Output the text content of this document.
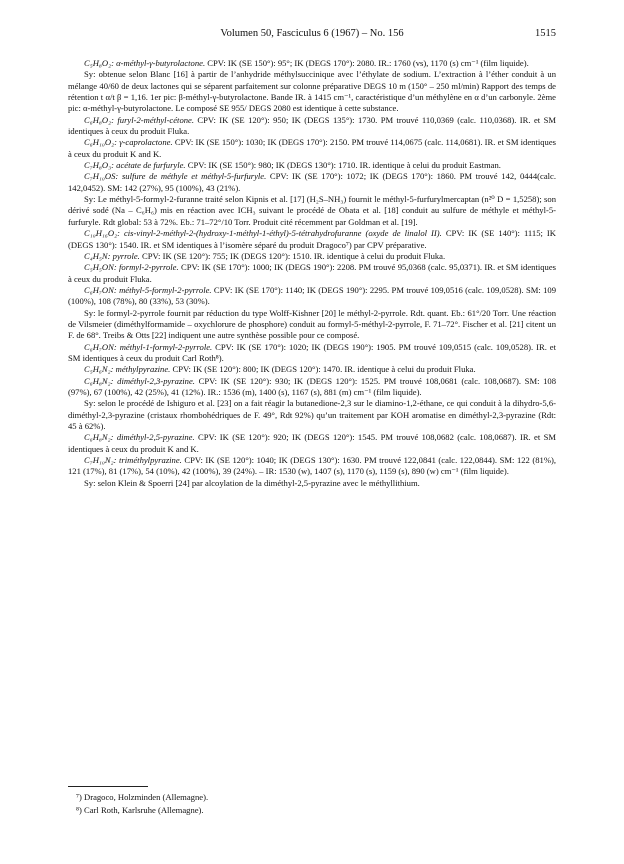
Volumen 50, Fasciculus 6 (1967) – No. 156	1515

C₅H₈O₂: α-méthyl-γ-butyrolactone. CPV: IK (SE 150°): 95°; IK (DEGS 170°): 2080. IR.: 1760 (vs), 1170 (s) cm⁻¹ (film liquide).

Sy: obtenue selon Blanc [16] à partir de l’anhydride méthylsuccinique avec l’éthylate de sodium. L’extraction à l’éther conduit à un mélange 40/60 de deux lactones qui se séparent parfaitement sur colonne préparative DEGS 10 m (150° – 250 ml/min) Rapport des temps de rétention t α/t β = 1,16. 1er pic: β-méthyl-γ-butyrolactone. Bande IR. à 1415 cm⁻¹, caractéristique d’un méthylène en α d’un carbonyle. 2ème pic: α-méthyl-γ-butyrolactone. Le composé SE 955/ DEGS 2080 est identique à cette substance.

C₆H₈O₂: furyl-2-méthyl-cétone. CPV: IK (SE 120°): 950; IK (DEGS 135°): 1730. PM trouvé 110,0369 (calc. 110,0368). IR. et SM identiques à ceux du produit Fluka.

C₆H₁₀O₂: γ-caprolactone. CPV: IK (SE 150°): 1030; IK (DEGS 170°): 2150. PM trouvé 114,0675 (calc. 114,0681). IR. et SM identiques à ceux du produit K and K.

C₇H₈O₃: acétate de furfuryle. CPV: IK (SE 150°): 980; IK (DEGS 130°): 1710. IR. identique à celui du produit Eastman.

C₇H₁₀OS: sulfure de méthyle et méthyl-5-furfuryle. CPV: IK (SE 170°): 1072; IK (DEGS 170°): 1860. PM trouvé 142, 0444(calc. 142,0452). SM: 142 (27%), 95 (100%), 43 (21%).

Sy: Le méthyl-5-formyl-2-furanne traité selon Kipnis et al. [17] (H₂S–NH₃) fournit le méthyl-5-furfurylmercaptan (n²⁰ D = 1,5258); son dérivé sodé (Na – C₆H₆) mis en réaction avec ICH₃ suivant le procédé de Obata et al. [18] conduit au sulfure de méthyle et méthyl-5-furfuryle. Rdt global: 53 à 72%. Eb.: 71–72°/10 Torr. Produit cité récemment par Goldman et al. [19].

C₁₀H₁₆O₂: cis-vinyl-2-méthyl-2-(hydroxy-1-méthyl-1-éthyl)-5-tétrahydrofuranne (oxyde de linalol II). CPV: IK (SE 140°): 1115; IK (DEGS 130°): 1540. IR. et SM identiques à l’isomère séparé du produit Dragoco⁷) par CPV préparative.

C₄H₅N: pyrrole. CPV: IK (SE 120°): 755; IK (DEGS 120°): 1510. IR. identique à celui du produit Fluka.

C₅H₅ON: formyl-2-pyrrole. CPV: IK (SE 170°): 1000; IK (DEGS 190°): 2208. PM trouvé 95,0368 (calc. 95,0371). IR. et SM identiques à ceux du produit Fluka.

C₆H₇ON: méthyl-5-formyl-2-pyrrole. CPV: IK (SE 170°): 1140; IK (DEGS 190°): 2295. PM trouvé 109,0516 (calc. 109,0528). SM: 109 (100%), 108 (78%), 80 (33%), 53 (30%).

Sy: le formyl-2-pyrrole fournit par réduction du type Wolff-Kishner [20] le méthyl-2-pyrrole. Rdt. quant. Eb.: 61°/20 Torr. Une réaction de Vilsmeier (diméthylformamide – oxychlorure de phosphore) conduit au formyl-5-méthyl-2-pyrrole, F. 71–72°. Fischer et al. [21] citent un F. de 68°. Treibs & Otts [22] indiquent une autre synthèse possible pour ce composé.

C₆H₇ON: méthyl-1-formyl-2-pyrrole. CPV: IK (SE 170°): 1020; IK (DEGS 190°): 1905. PM trouvé 109,0515 (calc. 109,0528). IR. et SM identiques à ceux du produit Carl Roth⁸).

C₅H₆N₂: méthylpyrazine. CPV: IK (SE 120°): 800; IK (DEGS 120°): 1470. IR. identique à celui du produit Fluka.

C₆H₈N₂: diméthyl-2,3-pyrazine. CPV: IK (SE 120°): 930; IK (DEGS 120°): 1525. PM trouvé 108,0681 (calc. 108,0687). SM: 108 (97%), 67 (100%), 42 (25%), 41 (12%). IR.: 1536 (m), 1400 (s), 1167 (s), 881 (m) cm⁻¹ (film liquide).

Sy: selon le procédé de Ishiguro et al. [23] on a fait réagir la butanedione-2,3 sur le diamino-1,2-éthane, ce qui conduit à la dihydro-5,6-diméthyl-2,3-pyrazine (cristaux rhombohédriques de F. 49°, Rdt 92%) qu’un traitement par KOH aromatise en diméthyl-2,3-pyrazine (Rdt: 45 à 62%).

C₆H₈N₂: diméthyl-2,5-pyrazine. CPV: IK (SE 120°): 920; IK (DEGS 120°): 1545. PM trouvé 108,0682 (calc. 108,0687). IR. et SM identiques à ceux du produit K and K.

C₇H₁₀N₂: triméthylpyrazine. CPV: IK (SE 120°): 1040; IK (DEGS 130°): 1630. PM trouvé 122,0841 (calc. 122,0844). SM: 122 (81%), 121 (17%), 81 (17%), 54 (10%), 42 (100%), 39 (24%). – IR: 1530 (w), 1407 (s), 1170 (s), 1159 (s), 890 (w) cm⁻¹ (film liquide).

Sy: selon Klein & Spoerri [24] par alcoylation de la diméthyl-2,5-pyrazine avec le méthyllithium.

⁷) Dragoco, Holzminden (Allemagne).

⁸) Carl Roth, Karlsruhe (Allemagne).
